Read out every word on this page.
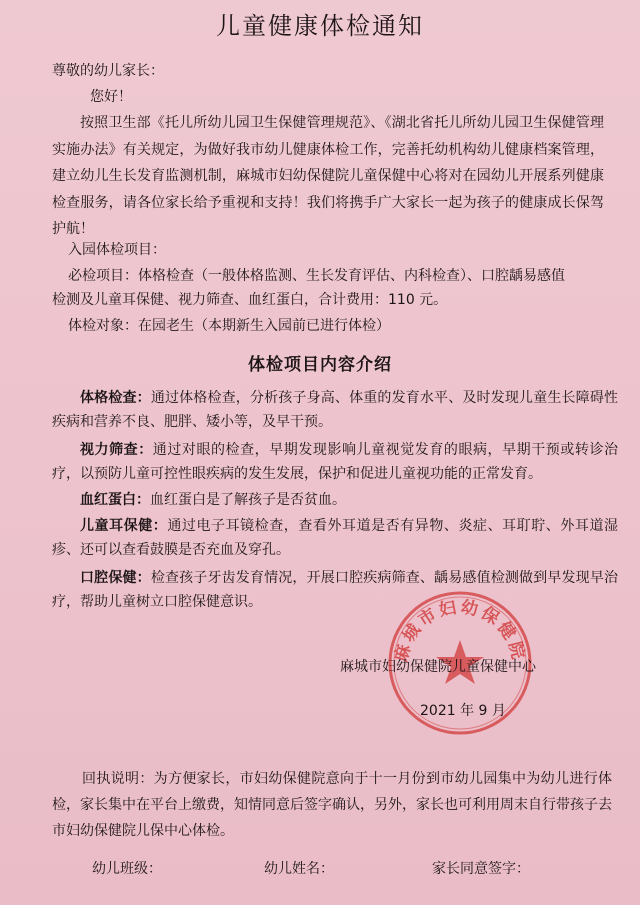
儿童健康体检通知
尊敬的幼儿家长：
您好！
按照卫生部《托儿所幼儿园卫生保健管理规范》、《湖北省托儿所幼儿园卫生保健管理实施办法》有关规定，为做好我市幼儿健康体检工作，完善托幼机构幼儿健康档案管理，建立幼儿生长发育监测机制，麻城市妇幼保健院儿童保健中心将对在园幼儿开展系列健康检查服务，请各位家长给予重视和支持！我们将携手广大家长一起为孩子的健康成长保驾护航！
入园体检项目：
必检项目：体格检查（一般体格监测、生长发育评估、内科检查）、口腔龋易感值
检测及儿童耳保健、视力筛查、血红蛋白，合计费用：110 元。
体检对象：在园老生（本期新生入园前已进行体检）
体检项目内容介绍
体格检查：通过体格检查，分析孩子身高、体重的发育水平、及时发现儿童生长障碍性疾病和营养不良、肥胖、矮小等，及早干预。
视力筛查：通过对眼的检查，早期发现影响儿童视觉发育的眼病，早期干预或转诊治疗，以预防儿童可控性眼疾病的发生发展，保护和促进儿童视功能的正常发育。
血红蛋白：血红蛋白是了解孩子是否贫血。
儿童耳保健：通过电子耳镜检查，查看外耳道是否有异物、炎症、耳耵聍、外耳道湿疹、还可以查看鼓膜是否充血及穿孔。
口腔保健：检查孩子牙齿发育情况，开展口腔疾病筛查、龋易感值检测做到早发现早治疗，帮助儿童树立口腔保健意识。
麻城市妇幼保健院
麻城市妇幼保健院儿童保健中心
2021 年 9 月
回执说明：为方便家长，市妇幼保健院意向于十一月份到市幼儿园集中为幼儿进行体检，家长集中在平台上缴费，知情同意后签字确认，另外，家长也可利用周末自行带孩子去市妇幼保健院儿保中心体检。
幼儿班级：	幼儿姓名：	家长同意签字：
